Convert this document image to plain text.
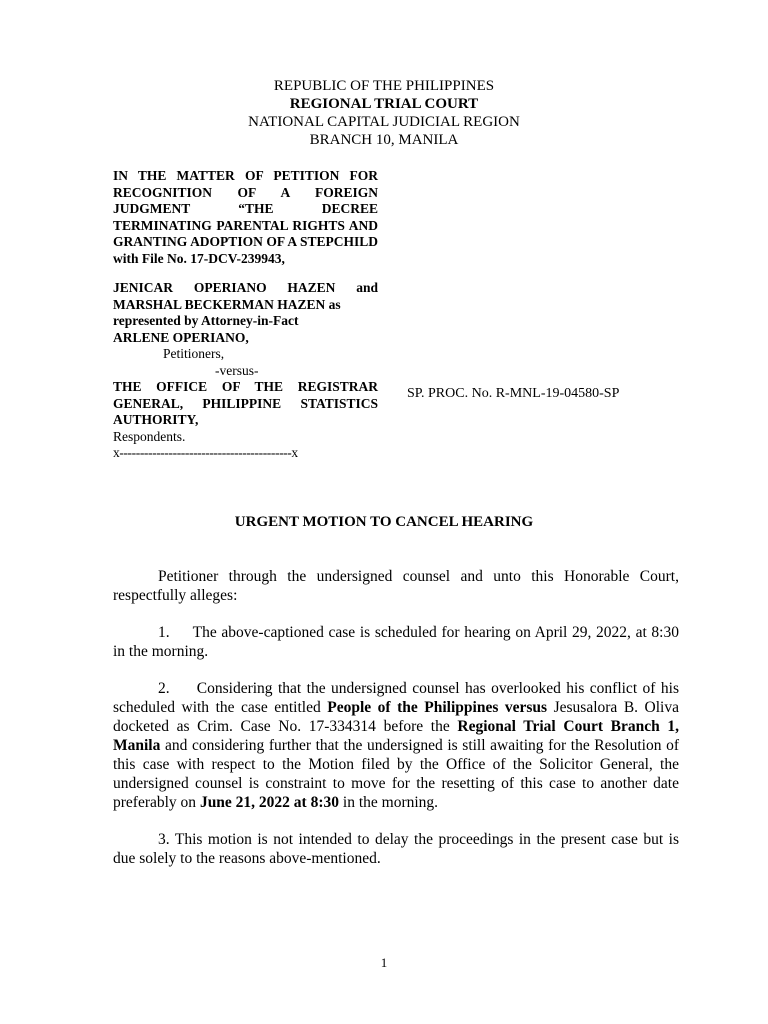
REPUBLIC OF THE PHILIPPINES
REGIONAL TRIAL COURT
NATIONAL CAPITAL JUDICIAL REGION
BRANCH 10, MANILA
IN THE MATTER OF PETITION FOR RECOGNITION OF A FOREIGN JUDGMENT “THE DECREE TERMINATING PARENTAL RIGHTS AND GRANTING ADOPTION OF A STEPCHILD with File No. 17-DCV-239943,
JENICAR OPERIANO HAZEN and MARSHAL BECKERMAN HAZEN as
represented by Attorney-in-Fact
ARLENE OPERIANO,
Petitioners,
-versus-
THE OFFICE OF THE REGISTRAR GENERAL, PHILIPPINE STATISTICS AUTHORITY,
Respondents.
x------------------------------------------x
SP. PROC. No. R-MNL-19-04580-SP
URGENT MOTION TO CANCEL HEARING

Petitioner through the undersigned counsel and unto this Honorable Court, respectfully alleges:

1.     The above-captioned case is scheduled for hearing on April 29, 2022, at 8:30 in the morning.

2.     Considering that the undersigned counsel has overlooked his conflict of his scheduled with the case entitled People of the Philippines versus Jesusalora B. Oliva docketed as Crim. Case No. 17-334314 before the Regional Trial Court Branch 1, Manila and considering further that the undersigned is still awaiting for the Resolution of this case with respect to the Motion filed by the Office of the Solicitor General, the undersigned counsel is constraint to move for the resetting of this case to another date preferably on June 21, 2022 at 8:30 in the morning.

3. This motion is not intended to delay the proceedings in the present case but is due solely to the reasons above-mentioned.

1
